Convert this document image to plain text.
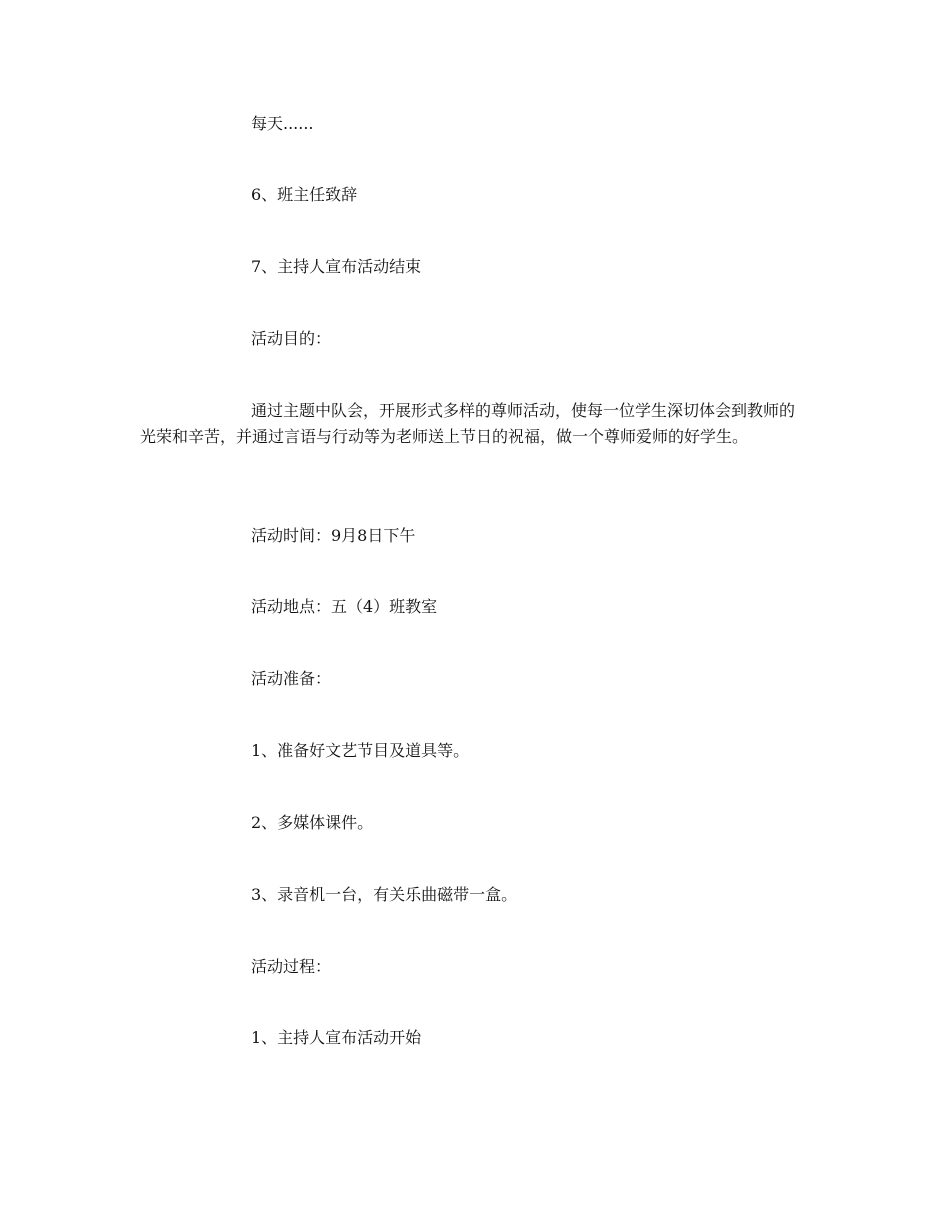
每天......

6、班主任致辞

7、主持人宣布活动结束

活动目的：

通过主题中队会，开展形式多样的尊师活动，使每一位学生深切体会到教师的光荣和辛苦，并通过言语与行动等为老师送上节日的祝福，做一个尊师爱师的好学生。

活动时间：9月8日下午

活动地点：五（4）班教室

活动准备：

1、准备好文艺节目及道具等。

2、多媒体课件。

3、录音机一台，有关乐曲磁带一盒。

活动过程：

1、主持人宣布活动开始
